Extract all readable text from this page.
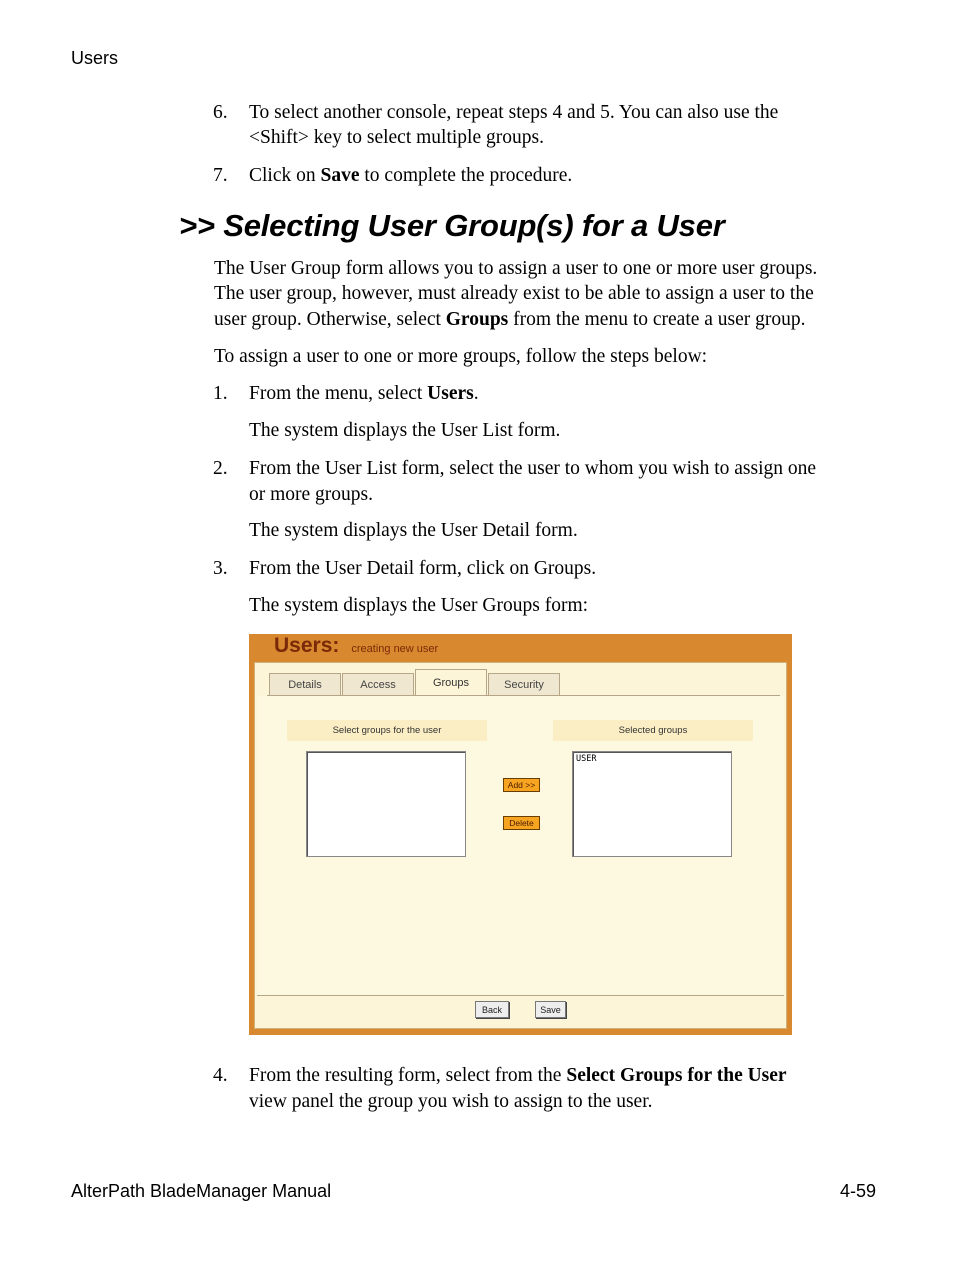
Users
6. To select another console, repeat steps 4 and 5. You can also use the
<Shift> key to select multiple groups.
7. Click on Save to complete the procedure.
>> Selecting User Group(s) for a User
The User Group form allows you to assign a user to one or more user groups.
The user group, however, must already exist to be able to assign a user to the
user group. Otherwise, select Groups from the menu to create a user group.
To assign a user to one or more groups, follow the steps below:
1. From the menu, select Users.
The system displays the User List form.
2. From the User List form, select the user to whom you wish to assign one
or more groups.
The system displays the User Detail form.
3. From the User Detail form, click on Groups.
The system displays the User Groups form:
Users: creating new user
Details	Access	Groups	Security
Select groups for the user	Selected groups
USER
Add >>
Delete
Back	Save
4. From the resulting form, select from the Select Groups for the User
view panel the group you wish to assign to the user.
AlterPath BladeManager Manual	4-59
